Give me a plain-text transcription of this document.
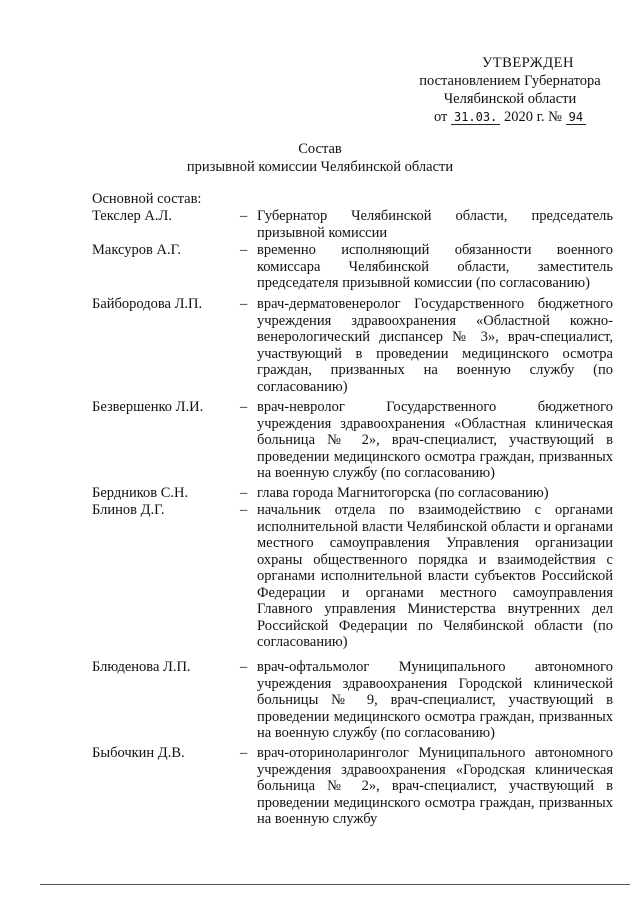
УТВЕРЖДЕН
постановлением Губернатора
Челябинской области
от 31.03. 2020 г. № 94
Состав
призывной комиссии Челябинской области
Основной состав:
Текслер А.Л.	– Губернатор Челябинской области, председатель призывной комиссии
Максуров А.Г.	– временно исполняющий обязанности военного комиссара Челябинской области, заместитель председателя призывной комиссии (по согласованию)
Байбородова Л.П.	– врач-дерматовенеролог Государственного бюджетного учреждения здравоохранения «Областной кожно-венерологический диспансер № 3», врач-специалист, участвующий в проведении медицинского осмотра граждан, призванных на военную службу (по согласованию)
Безвершенко Л.И.	– врач-невролог Государственного бюджетного учреждения здравоохранения «Областная клиническая больница № 2», врач-специалист, участвующий в проведении медицинского осмотра граждан, призванных на военную службу (по согласованию)
Бердников С.Н.	– глава города Магнитогорска (по согласованию)
Блинов Д.Г.	– начальник отдела по взаимодействию с органами исполнительной власти Челябинской области и органами местного самоуправления Управления организации охраны общественного порядка и взаимодействия с органами исполнительной власти субъектов Российской Федерации и органами местного самоуправления Главного управления Министерства внутренних дел Российской Федерации по Челябинской области (по согласованию)
Блюденова Л.П.	– врач-офтальмолог Муниципального автономного учреждения здравоохранения Городской клинической больницы № 9, врач-специалист, участвующий в проведении медицинского осмотра граждан, призванных на военную службу (по согласованию)
Быбочкин Д.В.	– врач-оториноларинголог Муниципального автономного учреждения здравоохранения «Городская клиническая больница № 2», врач-специалист, участвующий в проведении медицинского осмотра граждан, призванных на военную службу
